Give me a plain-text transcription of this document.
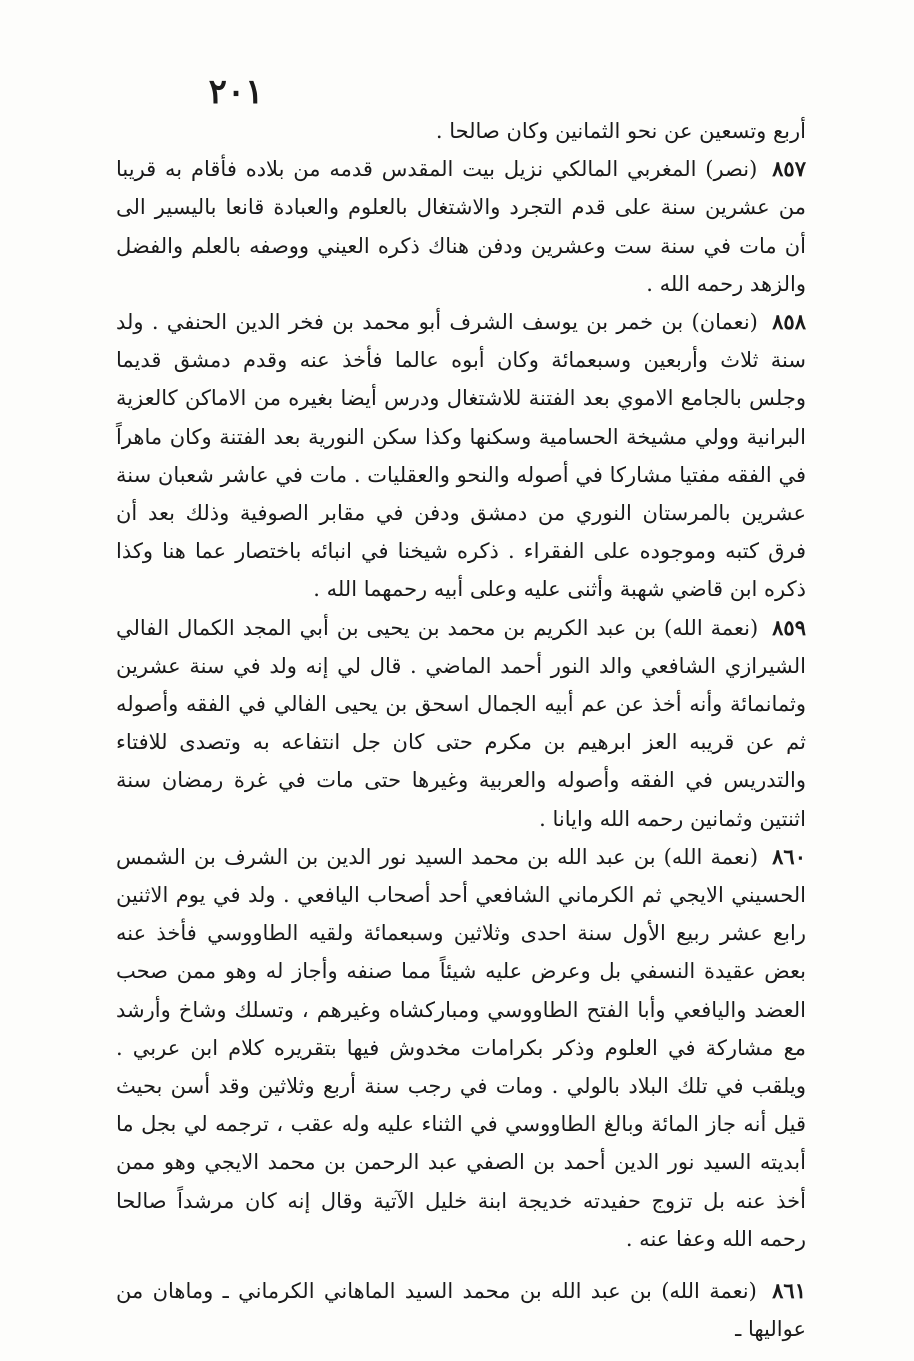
٢٠١

أربع وتسعين عن نحو الثمانين وكان صالحا .

٨٥٧ (نصر) المغربي المالكي نزيل بيت المقدس قدمه من بلاده فأقام به قريبا من عشرين سنة على قدم التجرد والاشتغال بالعلوم والعبادة قانعا باليسير الى أن مات في سنة ست وعشرين ودفن هناك ذكره العيني ووصفه بالعلم والفضل والزهد رحمه الله .

٨٥٨ (نعمان) بن خمر بن يوسف الشرف أبو محمد بن فخر الدين الحنفي . ولد سنة ثلاث وأربعين وسبعمائة وكان أبوه عالما فأخذ عنه وقدم دمشق قديما وجلس بالجامع الاموي بعد الفتنة للاشتغال ودرس أيضا بغيره من الاماكن كالعزية البرانية وولي مشيخة الحسامية وسكنها وكذا سكن النورية بعد الفتنة وكان ماهراً في الفقه مفتيا مشاركا في أصوله والنحو والعقليات . مات في عاشر شعبان سنة عشرين بالمرستان النوري من دمشق ودفن في مقابر الصوفية وذلك بعد أن فرق كتبه وموجوده على الفقراء . ذكره شيخنا في انبائه باختصار عما هنا وكذا ذكره ابن قاضي شهبة وأثنى عليه وعلى أبيه رحمهما الله .

٨٥٩ (نعمة الله) بن عبد الكريم بن محمد بن يحيى بن أبي المجد الكمال الفالي الشيرازي الشافعي والد النور أحمد الماضي . قال لي إنه ولد في سنة عشرين وثمانمائة وأنه أخذ عن عم أبيه الجمال اسحق بن يحيى الفالي في الفقه وأصوله ثم عن قريبه العز ابرهيم بن مكرم حتى كان جل انتفاعه به وتصدى للافتاء والتدريس في الفقه وأصوله والعربية وغيرها حتى مات في غرة رمضان سنة اثنتين وثمانين رحمه الله وايانا .

٨٦٠ (نعمة الله) بن عبد الله بن محمد السيد نور الدين بن الشرف بن الشمس الحسيني الايجي ثم الكرماني الشافعي أحد أصحاب اليافعي . ولد في يوم الاثنين رابع عشر ربيع الأول سنة احدى وثلاثين وسبعمائة ولقيه الطاووسي فأخذ عنه بعض عقيدة النسفي بل وعرض عليه شيئاً مما صنفه وأجاز له وهو ممن صحب العضد واليافعي وأبا الفتح الطاووسي ومباركشاه وغيرهم ، وتسلك وشاخ وأرشد مع مشاركة في العلوم وذكر بكرامات مخدوش فيها بتقريره كلام ابن عربي . ويلقب في تلك البلاد بالولي . ومات في رجب سنة أربع وثلاثين وقد أسن بحيث قيل أنه جاز المائة وبالغ الطاووسي في الثناء عليه وله عقب ، ترجمه لي بجل ما أبديته السيد نور الدين أحمد بن الصفي عبد الرحمن بن محمد الايجي وهو ممن أخذ عنه بل تزوج حفيدته خديجة ابنة خليل الآتية وقال إنه كان مرشداً صالحا رحمه الله وعفا عنه .

٨٦١ (نعمة الله) بن عبد الله بن محمد السيد الماهاني الكرماني ـ وماهان من عواليها ـ
